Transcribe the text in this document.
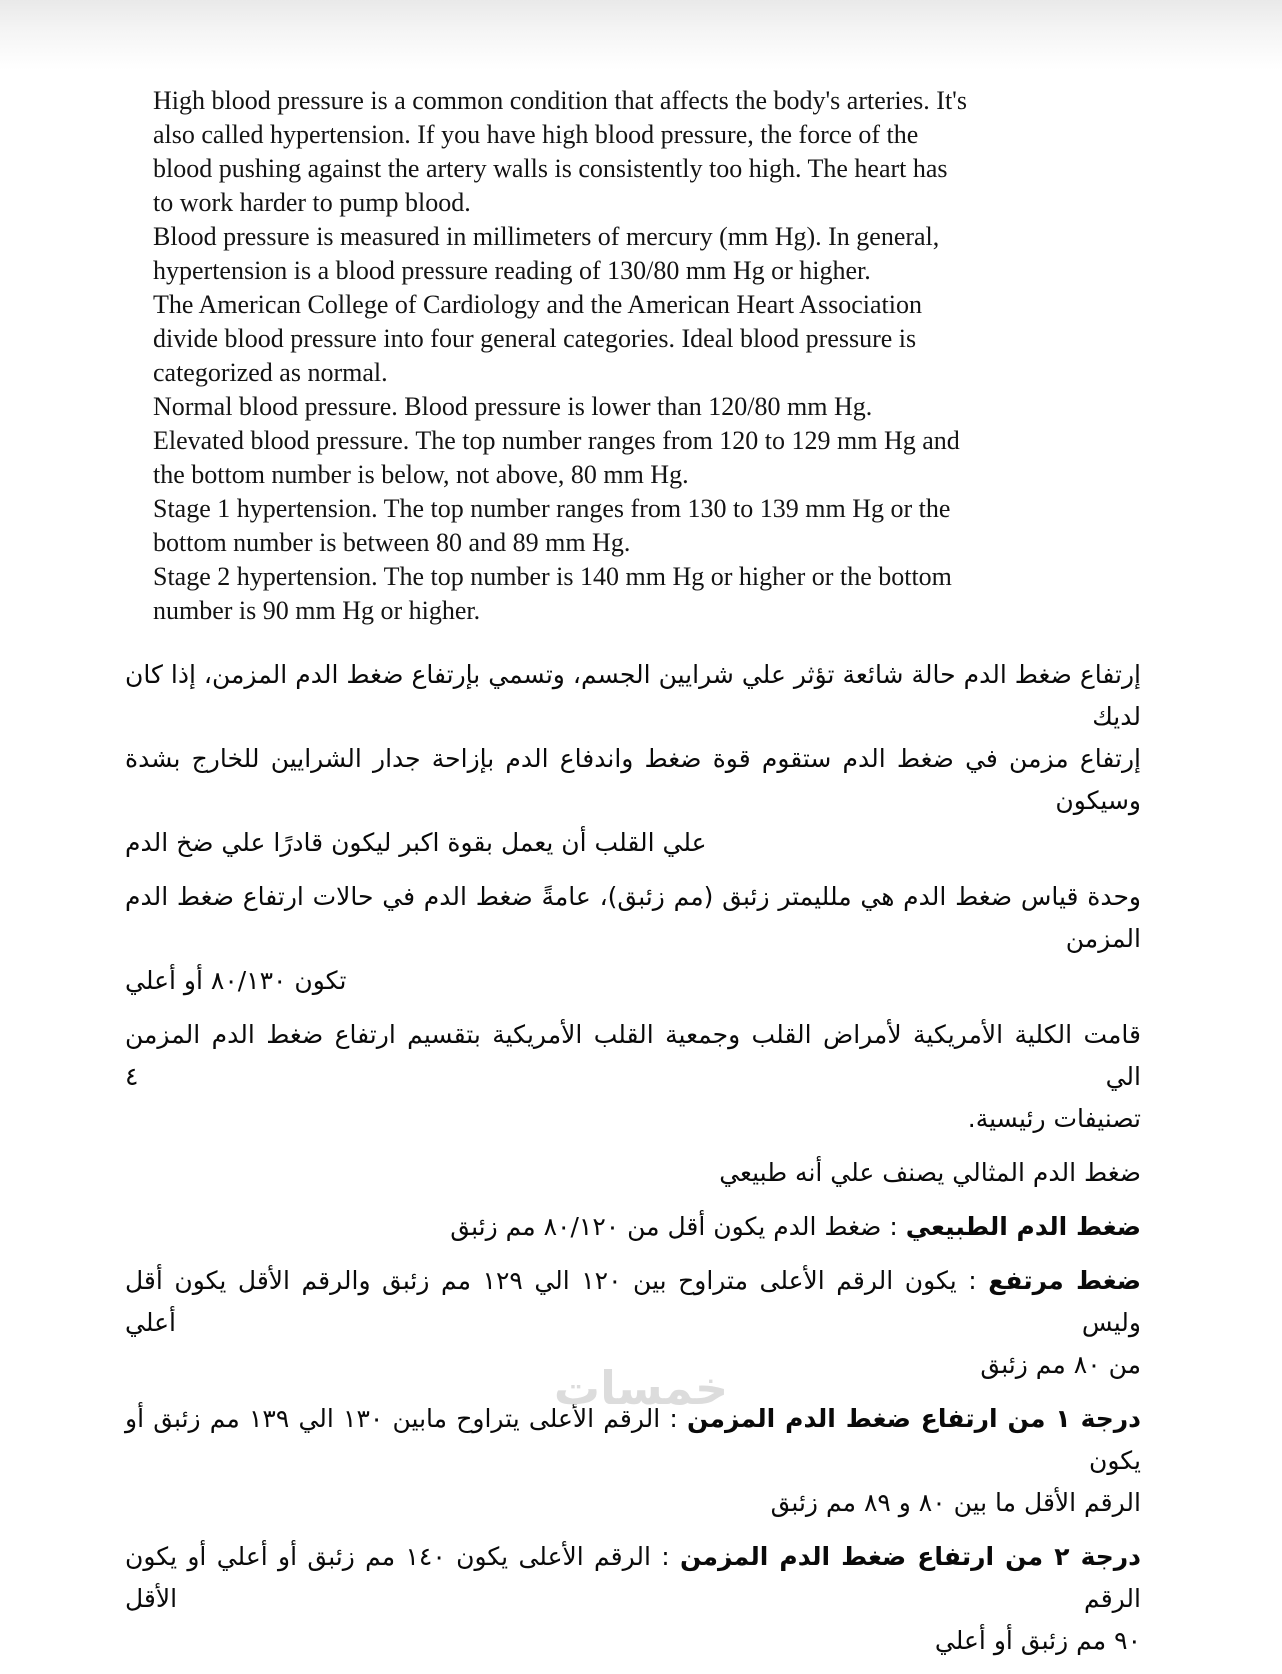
High blood pressure is a common condition that affects the body's arteries. It's
also called hypertension. If you have high blood pressure, the force of the
blood pushing against the artery walls is consistently too high. The heart has
to work harder to pump blood.
Blood pressure is measured in millimeters of mercury (mm Hg). In general,
hypertension is a blood pressure reading of 130/80 mm Hg or higher.
The American College of Cardiology and the American Heart Association
divide blood pressure into four general categories. Ideal blood pressure is
categorized as normal.
Normal blood pressure. Blood pressure is lower than 120/80 mm Hg.
Elevated blood pressure. The top number ranges from 120 to 129 mm Hg and
the bottom number is below, not above, 80 mm Hg.
Stage 1 hypertension. The top number ranges from 130 to 139 mm Hg or the
bottom number is between 80 and 89 mm Hg.
Stage 2 hypertension. The top number is 140 mm Hg or higher or the bottom
number is 90 mm Hg or higher.
إرتفاع ضغط الدم حالة شائعة تؤثر علي شرايين الجسم، وتسمي بإرتفاع ضغط الدم المزمن، إذا كان لديك
إرتفاع مزمن في ضغط الدم ستقوم قوة ضغط واندفاع الدم بإزاحة جدار الشرايين للخارج بشدة وسيكون
علي القلب أن يعمل بقوة اكبر ليكون قادرًا علي ضخ الدم
وحدة قياس ضغط الدم هي ملليمتر زئبق (مم زئبق)، عامةً ضغط الدم في حالات ارتفاع ضغط الدم المزمن
تكون ٨٠/١٣٠ أو أعلي
قامت الكلية الأمريكية لأمراض القلب وجمعية القلب الأمريكية بتقسيم ارتفاع ضغط الدم المزمن الي ٤
تصنيفات رئيسية.
ضغط الدم المثالي يصنف علي أنه طبيعي
ضغط الدم الطبيعي : ضغط الدم يكون أقل من ٨٠/١٢٠ مم زئبق
ضغط مرتفع : يكون الرقم الأعلى متراوح بين ١٢٠ الي ١٢٩ مم زئبق والرقم الأقل يكون أقل وليس أعلي
من ٨٠ مم زئبق
درجة ١ من ارتفاع ضغط الدم المزمن : الرقم الأعلى يتراوح مابين ١٣٠ الي ١٣٩ مم زئبق أو يكون
الرقم الأقل ما بين ٨٠ و ٨٩ مم زئبق
درجة ٢ من ارتفاع ضغط الدم المزمن : الرقم الأعلى يكون ١٤٠ مم زئبق أو أعلي أو يكون الرقم الأقل
٩٠ مم زئبق أو أعلي
خمسات
